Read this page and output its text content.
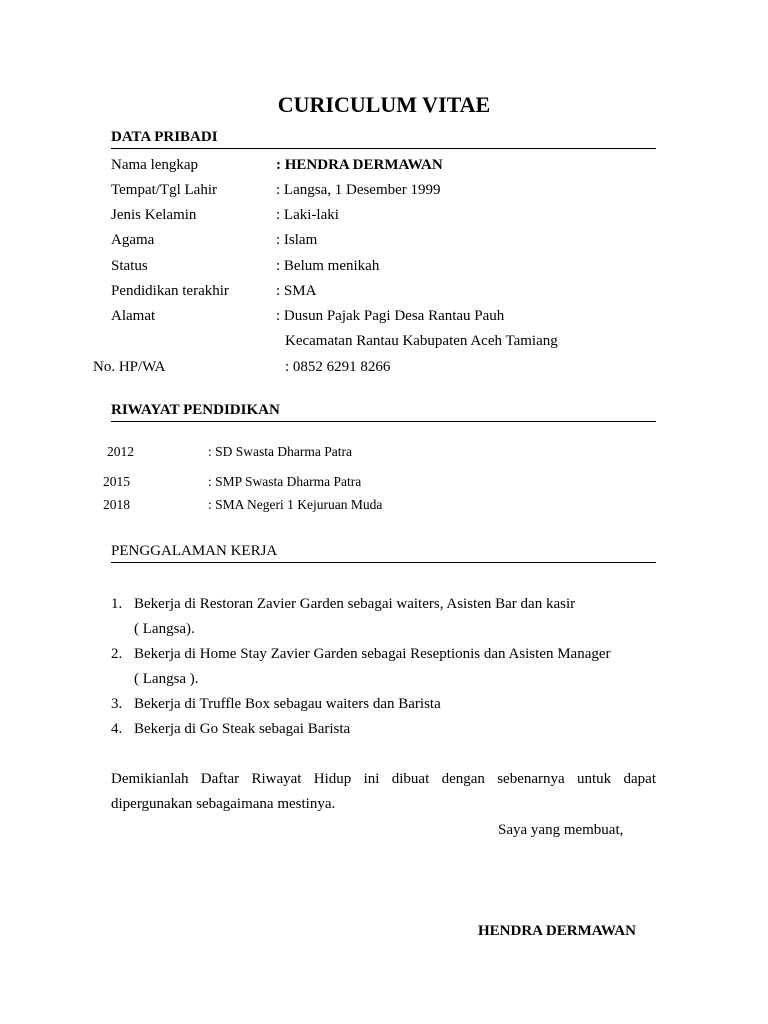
CURICULUM VITAE
DATA PRIBADI
Nama lengkap	: HENDRA DERMAWAN
Tempat/Tgl Lahir	: Langsa, 1 Desember 1999
Jenis Kelamin	: Laki-laki
Agama	: Islam
Status	: Belum menikah
Pendidikan terakhir	: SMA
Alamat	: Dusun Pajak Pagi Desa Rantau Pauh
Kecamatan Rantau Kabupaten Aceh Tamiang
No. HP/WA	: 0852 6291 8266
RIWAYAT PENDIDIKAN
2012	: SD Swasta Dharma Patra
2015	: SMP Swasta Dharma Patra
2018	: SMA Negeri 1 Kejuruan Muda
PENGGALAMAN KERJA
1. Bekerja di Restoran Zavier Garden sebagai waiters, Asisten Bar dan kasir
( Langsa).
2. Bekerja di Home Stay Zavier Garden sebagai Reseptionis dan Asisten Manager
( Langsa ).
3. Bekerja di Truffle Box sebagau waiters dan Barista
4. Bekerja di Go Steak sebagai Barista
Demikianlah Daftar Riwayat Hidup ini dibuat dengan sebenarnya untuk dapat
dipergunakan sebagaimana mestinya.
Saya yang membuat,
HENDRA DERMAWAN
